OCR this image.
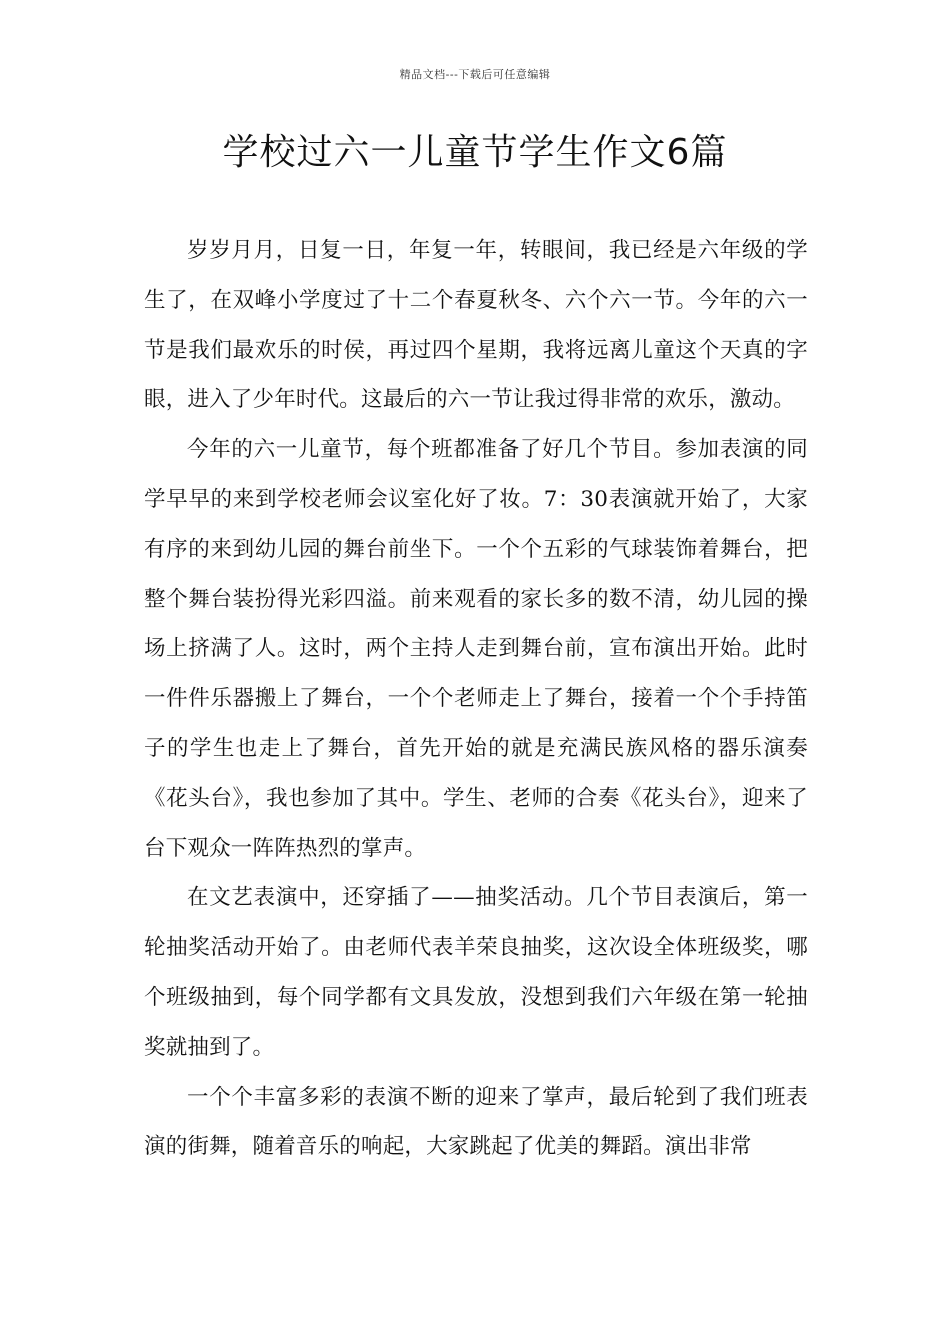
精品文档---下载后可任意编辑
学校过六一儿童节学生作文6篇

岁岁月月，日复一日，年复一年，转眼间，我已经是六年级的学生了，在双峰小学度过了十二个春夏秋冬、六个六一节。今年的六一节是我们最欢乐的时侯，再过四个星期，我将远离儿童这个天真的字眼，进入了少年时代。这最后的六一节让我过得非常的欢乐，激动。

今年的六一儿童节，每个班都准备了好几个节目。参加表演的同学早早的来到学校老师会议室化好了妆。7：30表演就开始了，大家有序的来到幼儿园的舞台前坐下。一个个五彩的气球装饰着舞台，把整个舞台装扮得光彩四溢。前来观看的家长多的数不清，幼儿园的操场上挤满了人。这时，两个主持人走到舞台前，宣布演出开始。此时一件件乐器搬上了舞台，一个个老师走上了舞台，接着一个个手持笛子的学生也走上了舞台，首先开始的就是充满民族风格的器乐演奏《花头台》，我也参加了其中。学生、老师的合奏《花头台》，迎来了台下观众一阵阵热烈的掌声。

在文艺表演中，还穿插了——抽奖活动。几个节目表演后，第一轮抽奖活动开始了。由老师代表羊荣良抽奖，这次设全体班级奖，哪个班级抽到，每个同学都有文具发放，没想到我们六年级在第一轮抽奖就抽到了。

一个个丰富多彩的表演不断的迎来了掌声，最后轮到了我们班表演的街舞，随着音乐的响起，大家跳起了优美的舞蹈。演出非常
